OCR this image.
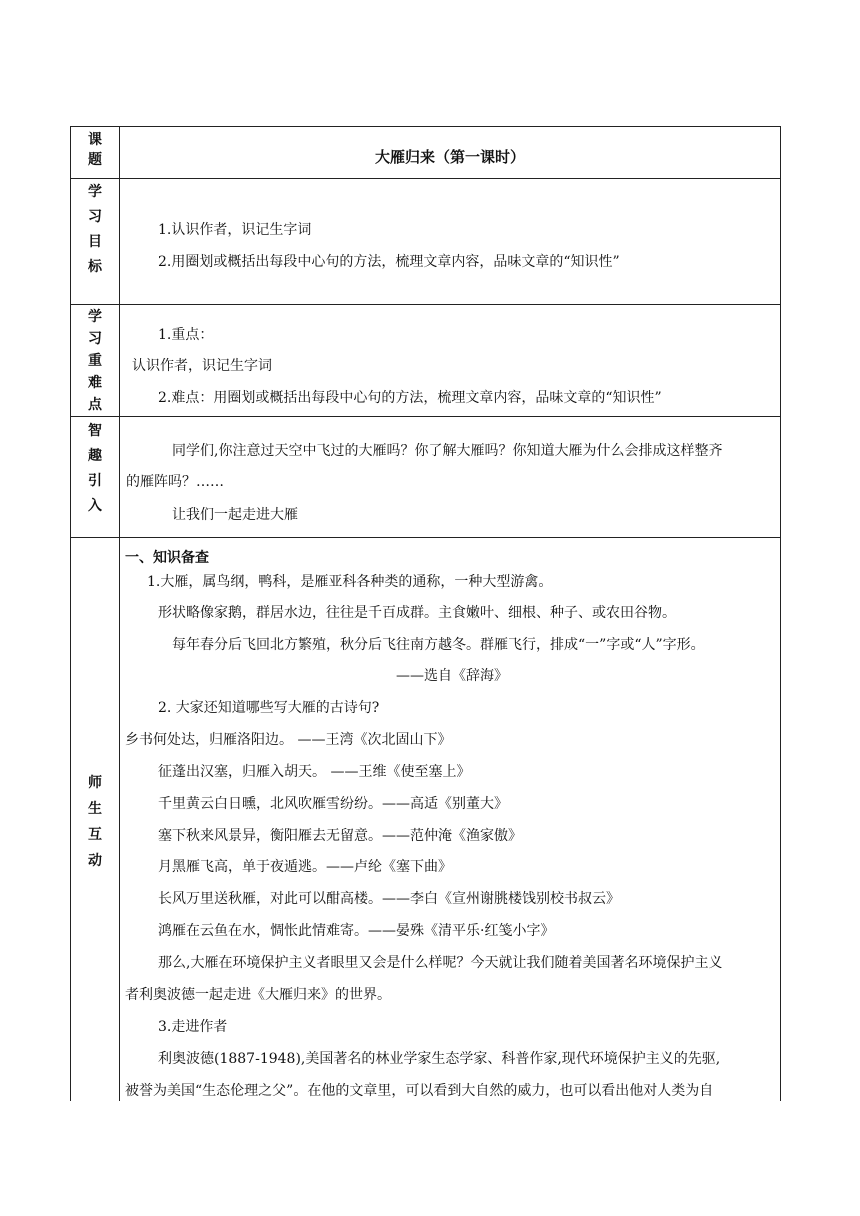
课
题
学
习
目
标
学
习
重
难
点
智
趣
引
入
师
生
互
动
大雁归来（第一课时）
1.认识作者，识记生字词
2.用圈划或概括出每段中心句的方法，梳理文章内容，品味文章的“知识性”
1.重点：
认识作者，识记生字词
2.难点：用圈划或概括出每段中心句的方法，梳理文章内容，品味文章的“知识性”
同学们,你注意过天空中飞过的大雁吗？你了解大雁吗？你知道大雁为什么会排成这样整齐
的雁阵吗？……
让我们一起走进大雁
一、知识备查
1.大雁，属鸟纲，鸭科，是雁亚科各种类的通称，一种大型游禽。
形状略像家鹅，群居水边，往往是千百成群。主食嫩叶、细根、种子、或农田谷物。
每年春分后飞回北方繁殖，秋分后飞往南方越冬。群雁飞行，排成“一”字或“人”字形。
——选自《辞海》
2. 大家还知道哪些写大雁的古诗句?
乡书何处达，归雁洛阳边。 ——王湾《次北固山下》
征蓬出汉塞，归雁入胡天。 ——王维《使至塞上》
千里黄云白日曛，北风吹雁雪纷纷。——高适《别董大》
塞下秋来风景异，衡阳雁去无留意。——范仲淹《渔家傲》
月黑雁飞高，单于夜遁逃。——卢纶《塞下曲》
长风万里送秋雁，对此可以酣高楼。——李白《宣州谢朓楼饯别校书叔云》
鸿雁在云鱼在水，惆怅此情难寄。——晏殊《清平乐·红笺小字》
那么,大雁在环境保护主义者眼里又会是什么样呢？今天就让我们随着美国著名环境保护主义
者利奥波德一起走进《大雁归来》的世界。
3.走进作者
利奥波德(1887-1948),美国著名的林业学家生态学家、科普作家,现代环境保护主义的先驱,
被誉为美国“生态伦理之父”。在他的文章里，可以看到大自然的威力，也可以看出他对人类为自
